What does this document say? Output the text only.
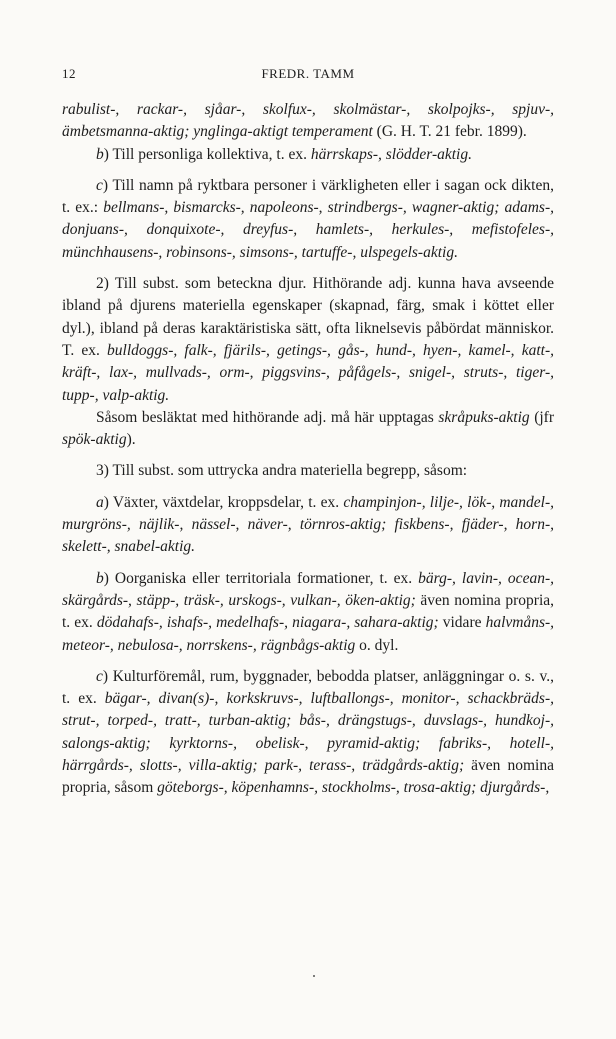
12	FREDR. TAMM

rabulist-, rackar-, sjåar-, skolfux-, skolmästar-, skolpojks-, spjuv-, ämbetsmanna-aktig; ynglinga-aktigt temperament (G. H. T. 21 febr. 1899).

b) Till personliga kollektiva, t. ex. härrskaps-, slödder-aktig.

c) Till namn på ryktbara personer i värkligheten eller i sagan ock dikten, t. ex.: bellmans-, bismarcks-, napoleons-, strindbergs-, wagner-aktig; adams-, donjuans-, donquixote-, dreyfus-, hamlets-, herkules-, mefistofeles-, münchhausens-, robinsons-, simsons-, tartuffe-, ulspegels-aktig.

2) Till subst. som beteckna djur. Hithörande adj. kunna hava avseende ibland på djurens materiella egenskaper (skapnad, färg, smak i köttet eller dyl.), ibland på deras karaktäristiska sätt, ofta liknelsevis påbördat människor. T. ex. bulldoggs-, falk-, fjärils-, getings-, gås-, hund-, hyen-, kamel-, katt-, kräft-, lax-, mullvads-, orm-, piggsvins-, påfågels-, snigel-, struts-, tiger-, tupp-, valp-aktig.

Såsom besläktat med hithörande adj. må här upptagas skråpuks-aktig (jfr spök-aktig).

3) Till subst. som uttrycka andra materiella begrepp, såsom:

a) Växter, växtdelar, kroppsdelar, t. ex. champinjon-, lilje-, lök-, mandel-, murgröns-, näjlik-, nässel-, näver-, törnros-aktig; fiskbens-, fjäder-, horn-, skelett-, snabel-aktig.

b) Oorganiska eller territoriala formationer, t. ex. bärg-, lavin-, ocean-, skärgårds-, stäpp-, träsk-, urskogs-, vulkan-, öken-aktig; även nomina propria, t. ex. dödahafs-, ishafs-, medelhafs-, niagara-, sahara-aktig; vidare halvmåns-, meteor-, nebulosa-, norrskens-, rägnbågs-aktig o. dyl.

c) Kulturföremål, rum, byggnader, bebodda platser, anläggningar o. s. v., t. ex. bägar-, divan(s)-, korkskruvs-, luftballongs-, monitor-, schackbräds-, strut-, torped-, tratt-, turban-aktig; bås-, drängstugs-, duvslags-, hundkoj-, salongs-aktig; kyrktorns-, obelisk-, pyramid-aktig; fabriks-, hotell-, härrgårds-, slotts-, villa-aktig; park-, terass-, trädgårds-aktig; även nomina propria, såsom göteborgs-, köpenhamns-, stockholms-, trosa-aktig; djurgårds-,
